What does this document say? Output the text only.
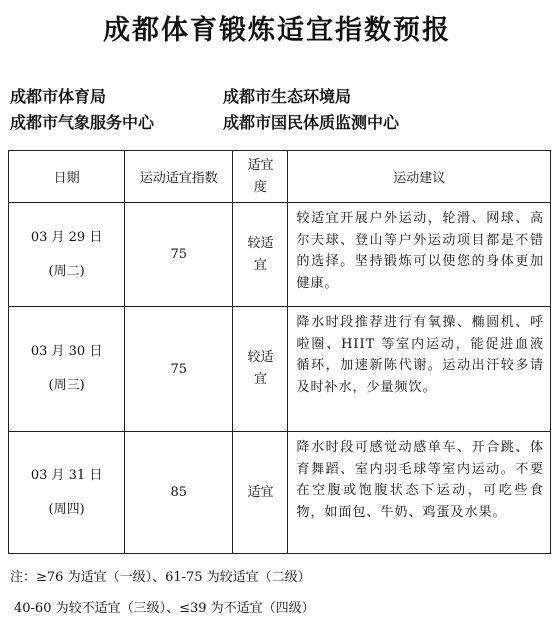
成都体育锻炼适宜指数预报
成都市体育局	成都市生态环境局
成都市气象服务中心	成都市国民体质监测中心
日期	运动适宜指数	适宜度	运动建议

03 月 29 日
(周二)	75	较适宜	较适宜开展户外运动，轮滑、网球、高尔夫球、登山等户外运动项目都是不错的选择。坚持锻炼可以使您的身体更加健康。

03 月 30 日
(周三)	75	较适宜	降水时段推荐进行有氧操、椭圆机、呼啦圈、HIIT 等室内运动，能促进血液循环，加速新陈代谢。运动出汗较多请及时补水，少量频饮。

03 月 31 日
(周四)	85	适宜	降水时段可感觉动感单车、开合跳、体育舞蹈、室内羽毛球等室内运动。不要在空腹或饱腹状态下运动，可吃些食物，如面包、牛奶、鸡蛋及水果。
注：≥76 为适宜（一级）、61-75 为较适宜（二级）
40-60 为较不适宜（三级）、≤39 为不适宜（四级）
